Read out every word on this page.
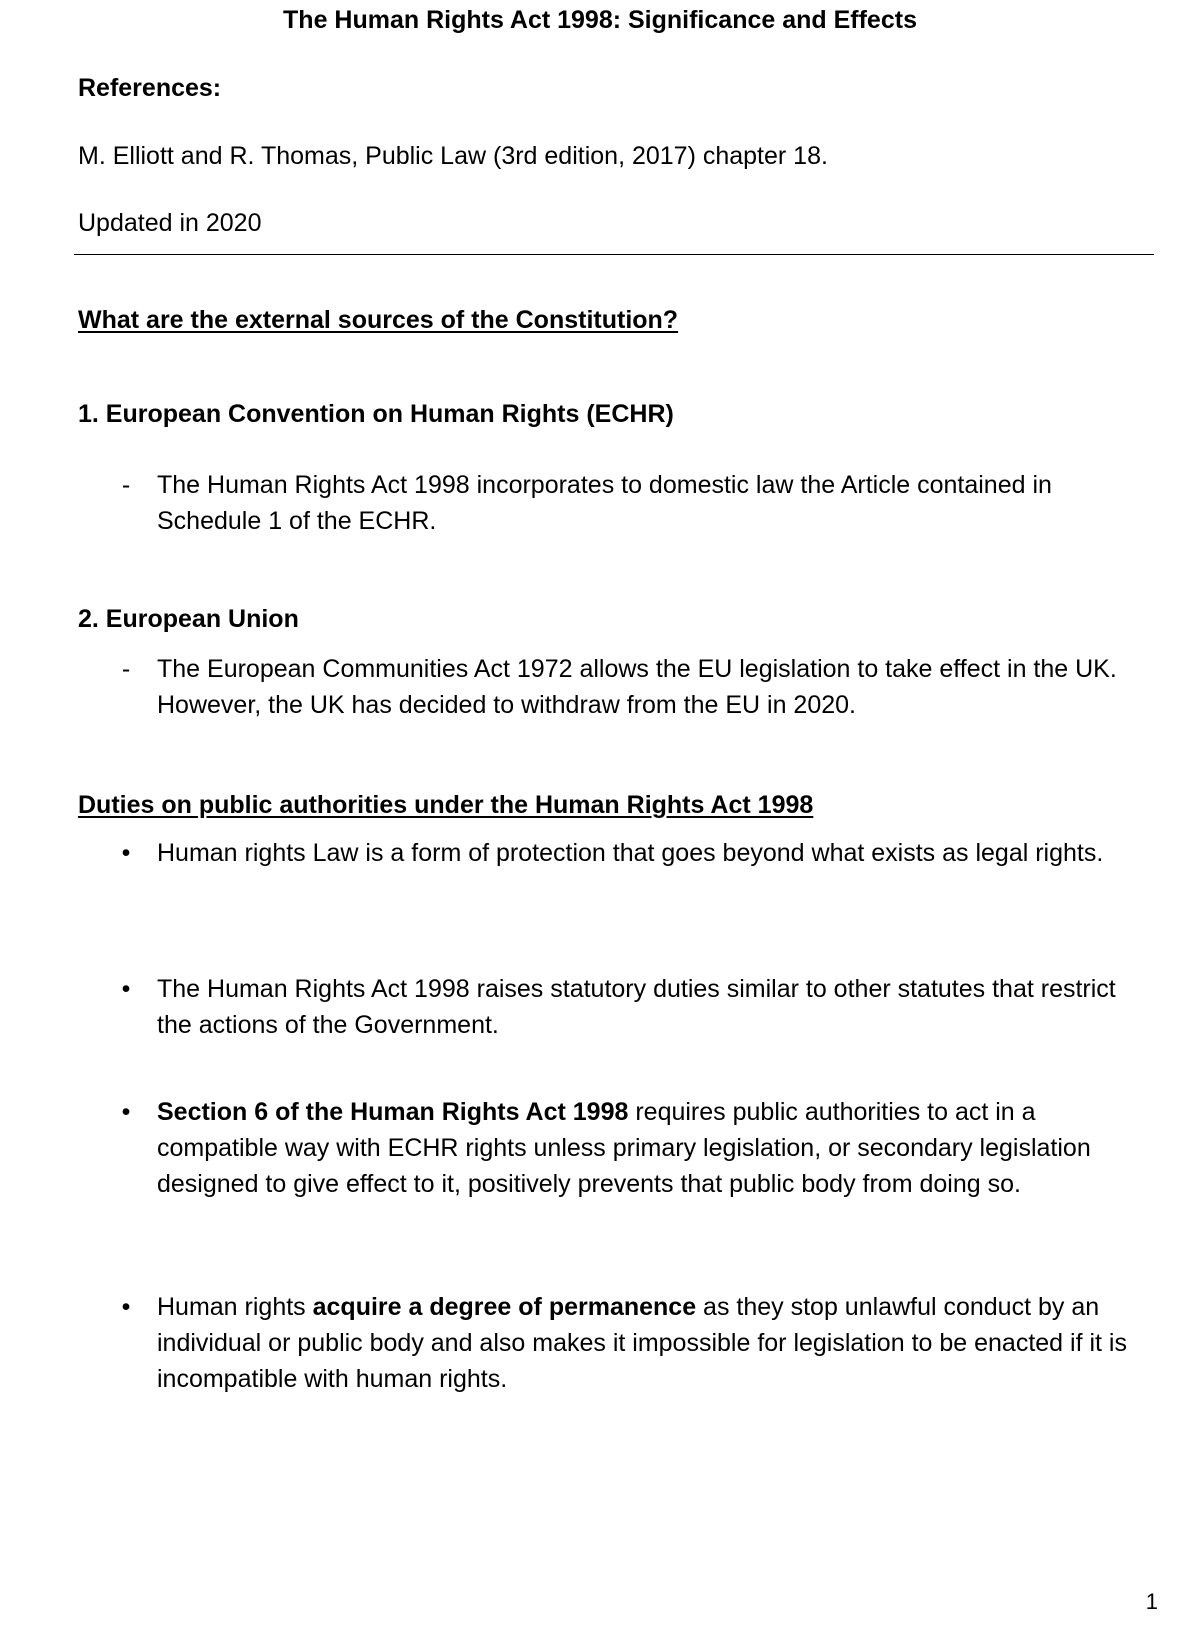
The Human Rights Act 1998: Significance and Effects
References:
M. Elliott and R. Thomas, Public Law (3rd edition, 2017) chapter 18.
Updated in 2020
What are the external sources of the Constitution?
1. European Convention on Human Rights (ECHR)
- The Human Rights Act 1998 incorporates to domestic law the Article contained in Schedule 1 of the ECHR.
2. European Union
- The European Communities Act 1972 allows the EU legislation to take effect in the UK. However, the UK has decided to withdraw from the EU in 2020.
Duties on public authorities under the Human Rights Act 1998
• Human rights Law is a form of protection that goes beyond what exists as legal rights.
• The Human Rights Act 1998 raises statutory duties similar to other statutes that restrict the actions of the Government.
• Section 6 of the Human Rights Act 1998 requires public authorities to act in a compatible way with ECHR rights unless primary legislation, or secondary legislation designed to give effect to it, positively prevents that public body from doing so.
• Human rights acquire a degree of permanence as they stop unlawful conduct by an individual or public body and also makes it impossible for legislation to be enacted if it is incompatible with human rights.
1
